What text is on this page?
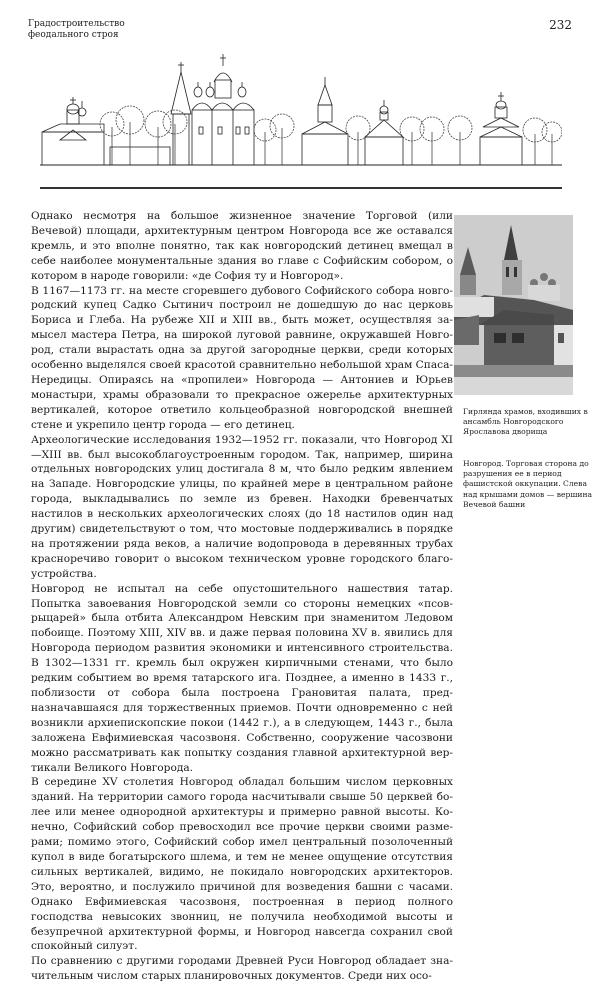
Градостроительство
феодального строя
232

Однако несмотря на большое жизненное значение Торговой (или Вечевой) площади, архитектурным центром Новгорода все же оставался кремль, и это вполне понятно, так как новгородский детинец вмещал в себе наиболее монументальные здания во главе с Софийским собором, о котором в народе говорили: «де София ту и Новгород».

В 1167—1173 гг. на месте сгоревшего дубового Софийского собора новгородский купец Садко Сытинич построил не дошедшую до нас церковь Бориса и Глеба. На рубеже XII и XIII вв., быть может, осуществляя замысел мастера Петра, на широкой луговой равнине, окружавшей Новгород, стали вырастать одна за другой загородные церкви, среди которых особенно выделялся своей красотой сравнительно небольшой храм Спаса-Нередицы. Опираясь на «пропилеи» Новгорода — Антониев и Юрьев монастыри, храмы образовали то прекрасное ожерелье архитектурных вертикалей, которое ответило кольцеобразной новгородской внешней стене и укрепило центр города — его детинец.

Археологические исследования 1932—1952 гг. показали, что Новгород XI—XIII вв. был высокоблагоустроенным городом. Так, например, ширина отдельных новгородских улиц достигала 8 м, что было редким явлением на Западе. Новгородские улицы, по крайней мере в центральном районе города, выкладывались по земле из бревен. Находки бревенчатых настилов в нескольких археологических слоях (до 18 настилов один над другим) свидетельствуют о том, что мостовые поддерживались в порядке на протяжении ряда веков, а наличие водопровода в деревянных трубах красноречиво говорит о высоком техническом уровне городского благоустройства.

Новгород не испытал на себе опустошительного нашествия татар. Попытка завоевания Новгородской земли со стороны немецких «псоврыцарей» была отбита Александром Невским при знаменитом Ледовом побоище. Поэтому XIII, XIV вв. и даже первая половина XV в. явились для Новгорода периодом развития экономики и интенсивного строительства. В 1302—1331 гг. кремль был окружен кирпичными стенами, что было редким событием во время татарского ига. Позднее, а именно в 1433 г., поблизости от собора была построена Грановитая палата, предназначавшаяся для торжественных приемов. Почти одновременно с ней возникли архиепископские покои (1442 г.), а в следующем, 1443 г., была заложена Евфимиевская часозвоня. Собственно, сооружение часозвони можно рассматривать как попытку создания главной архитектурной вертикали Великого Новгорода.

В середине XV столетия Новгород обладал большим числом церковных зданий. На территории самого города насчитывали свыше 50 церквей более или менее однородной архитектуры и примерно равной высоты. Конечно, Софийский собор превосходил все прочие церкви своими размерами; помимо этого, Софийский собор имел центральный позолоченный купол в виде богатырского шлема, и тем не менее ощущение отсутствия сильных вертикалей, видимо, не покидало новгородских архитекторов. Это, вероятно, и послужило причиной для возведения башни с часами. Однако Евфимиевская часозвоня, построенная в период полного господства невысоких звонниц, не получила необходимой высоты и безупречной архитектурной формы, и Новгород навсегда сохранил свой спокойный силуэт.

По сравнению с другими городами Древней Руси Новгород обладает значительным числом старых планировочных документов. Среди них осо-

Гирлянда храмов, входивших в ансамбль Новгородского Ярославова дворища
Новгород. Торговая сторона до разрушения ее в период фашистской оккупации. Слева над крышами домов — вершина Вечевой башни
